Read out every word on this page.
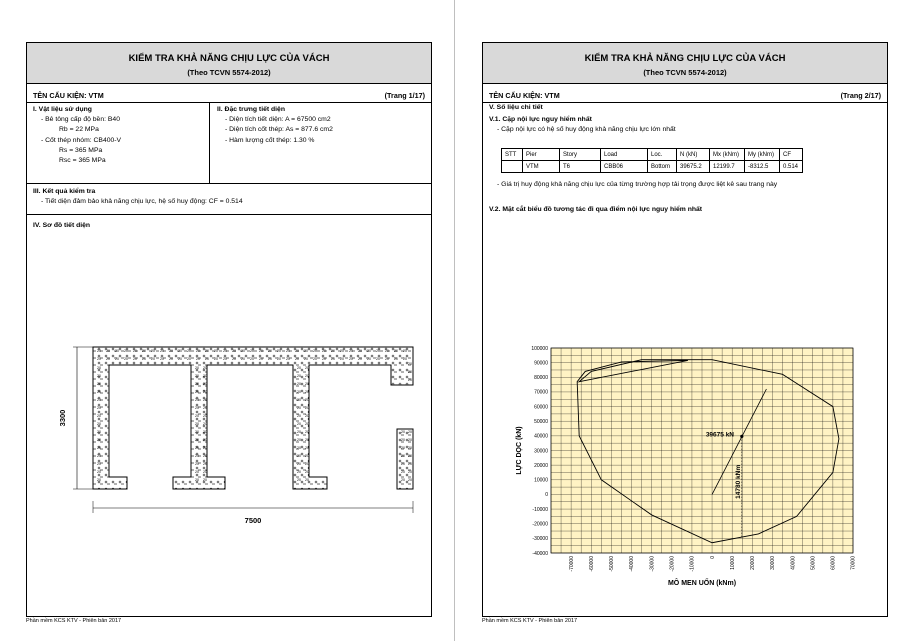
KIỂM TRA KHẢ NĂNG CHỊU LỰC CỦA VÁCH
(Theo TCVN 5574-2012)
TÊN CẤU KIỆN: VTM	(Trang 1/17)
I. Vật liệu sử dụng
- Bê tông cấp độ bền: B40
Rb = 22 MPa
- Cốt thép nhóm: CB400-V
Rs = 365 MPa
Rsc = 365 MPa
II. Đặc trưng tiết diện
- Diện tích tiết diện: A = 67500 cm2
- Diện tích cốt thép: As = 877.6 cm2
- Hàm lượng cốt thép: 1.30 %
III. Kết quả kiểm tra
- Tiết diện đảm bảo khả năng chịu lực, hệ số huy động: CF = 0.514
IV. Sơ đồ tiết diện
3300
7500
20
20
20
20
20
20
20
20
20
20
20
20
20
20
20
20
20
20
20
20
20
20
20
20
20
20
20
20
20
20
20
20
20
20
20
20
20
20
20
20
20
20
20
20
20
20
20
20
20
20
20
20
20
20
20
20
20
20
20
20
20
20
20
20
20
20
20
20
20
20
20	20 20	20 20
20	20 20	20 20
20	20 20	20 20
20	20 20	20 20
20	20 20	20 20
20	20 20	20 20
20	20 20	20 20
20	20 20	20 20
20	20 20	20 20
20	20 20	20 20
20	20 20	20 20
20	20 20	20 20
20	20 20	20 20
20	20 20	20 20
20	20 20	20 20
20 20
20 20
20 20
20 20
20 20
20 20
20 20
20
20
20
Phần mềm KCS KTV - Phiên bản 2017
KIỂM TRA KHẢ NĂNG CHỊU LỰC CỦA VÁCH
(Theo TCVN 5574-2012)
TÊN CẤU KIỆN: VTM	(Trang 2/17)
V. Số liệu chi tiết
V.1. Cặp nội lực nguy hiểm nhất
- Cặp nội lực có hệ số huy động khả năng chịu lực lớn nhất
STT	Pier	Story	Load	Loc.	N (kN)	Mx (kNm)	My (kNm)	CF
	VTM	T6	CBB06	Bottom	39675.2	12199.7	-8312.5	0.514
- Giá trị huy động khả năng chịu lực của từng trường hợp tải trọng được liệt kê sau trang này
V.2. Mặt cắt biểu đồ tương tác đi qua điểm nội lực nguy hiểm nhất
-70000	-60000	-50000	-40000	-30000	-20000	-10000	0	10000	20000	30000	40000	50000	60000	70000
-40000
-30000
-20000
-10000
0
10000
20000
30000
40000
50000
60000
70000
80000
90000
100000
39675 kN
14780 kNm
MÔ MEN UỐN (kNm)
LỰC DỌC (kN)
Phần mềm KCS KTV - Phiên bản 2017
